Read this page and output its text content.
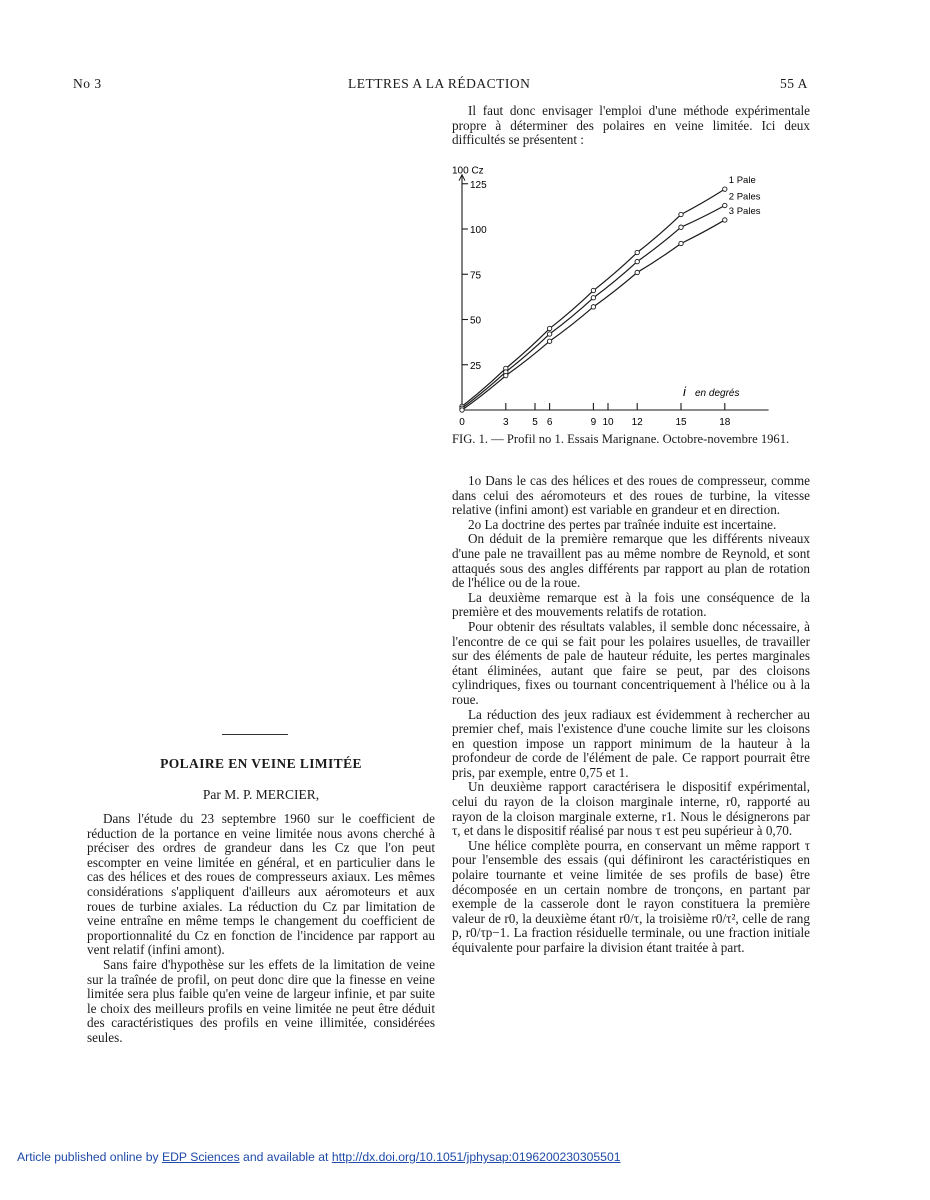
No 3	LETTRES A LA RÉDACTION	55 A

Il faut donc envisager l'emploi d'une méthode expérimentale propre à déterminer des polaires en veine limitée. Ici deux difficultés se présentent :

100 Cz
25
50
75
100
125
0	3 5 6	9 10 12	15	18
i en degrés
1 Pale
2 Pales
3 Pales
FIG. 1. — Profil no 1. Essais Marignane. Octobre-novembre 1961.

1o Dans le cas des hélices et des roues de compresseur, comme dans celui des aéromoteurs et des roues de turbine, la vitesse relative (infini amont) est variable en grandeur et en direction.

2o La doctrine des pertes par traînée induite est incertaine.

On déduit de la première remarque que les différents niveaux d'une pale ne travaillent pas au même nombre de Reynold, et sont attaqués sous des angles différents par rapport au plan de rotation de l'hélice ou de la roue.

La deuxième remarque est à la fois une conséquence de la première et des mouvements relatifs de rotation.

Pour obtenir des résultats valables, il semble donc nécessaire, à l'encontre de ce qui se fait pour les polaires usuelles, de travailler sur des éléments de pale de hauteur réduite, les pertes marginales étant éliminées, autant que faire se peut, par des cloisons cylindriques, fixes ou tournant concentriquement à l'hélice ou à la roue.

La réduction des jeux radiaux est évidemment à rechercher au premier chef, mais l'existence d'une couche limite sur les cloisons en question impose un rapport minimum de la hauteur à la profondeur de corde de l'élément de pale. Ce rapport pourrait être pris, par exemple, entre 0,75 et 1.

Un deuxième rapport caractérisera le dispositif expérimental, celui du rayon de la cloison marginale interne, r0, rapporté au rayon de la cloison marginale externe, r1. Nous le désignerons par τ, et dans le dispositif réalisé par nous τ est peu supérieur à 0,70.

Une hélice complète pourra, en conservant un même rapport τ pour l'ensemble des essais (qui définiront les caractéristiques en polaire tournante et veine limitée de ses profils de base) être décomposée en un certain nombre de tronçons, en partant par exemple de la casserole dont le rayon constituera la première valeur de r0, la deuxième étant r0/τ, la troisième r0/τ², celle de rang p, r0/τp−1. La fraction résiduelle terminale, ou une fraction initiale équivalente pour parfaire la division étant traitée à part.

POLAIRE EN VEINE LIMITÉE
Par M. P. MERCIER,

Dans l'étude du 23 septembre 1960 sur le coefficient de réduction de la portance en veine limitée nous avons cherché à préciser des ordres de grandeur dans les Cz que l'on peut escompter en veine limitée en général, et en particulier dans le cas des hélices et des roues de compresseurs axiaux. Les mêmes considérations s'appliquent d'ailleurs aux aéromoteurs et aux roues de turbine axiales. La réduction du Cz par limitation de veine entraîne en même temps le changement du coefficient de proportionnalité du Cz en fonction de l'incidence par rapport au vent relatif (infini amont).

Sans faire d'hypothèse sur les effets de la limitation de veine sur la traînée de profil, on peut donc dire que la finesse en veine limitée sera plus faible qu'en veine de largeur infinie, et par suite le choix des meilleurs profils en veine limitée ne peut être déduit des caractéristiques des profils en veine illimitée, considérées seules.

Article published online by EDP Sciences and available at http://dx.doi.org/10.1051/jphysap:0196200230305501
